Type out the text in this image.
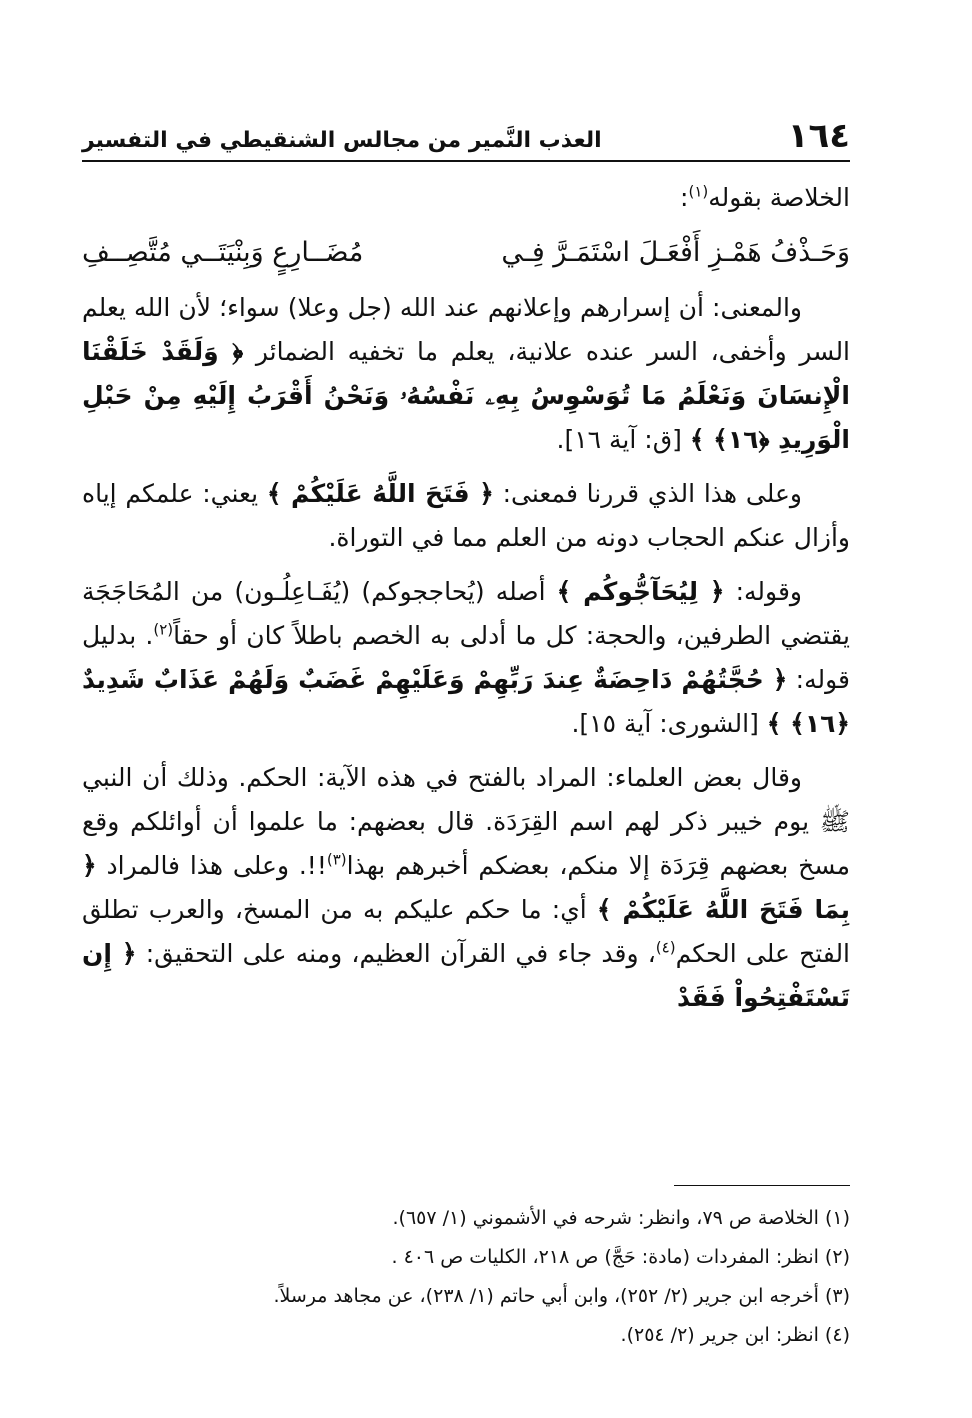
١٦٤
العذب النَّمير من مجالس الشنقيطي في التفسير

الخلاصة بقوله$^{(١)}$:

وَحَـذْفُ هَمْـزِ أَفْعَـلَ اسْتَمَـرَّ فِـي
مُضَــارِعٍ وَبِنْيَتَــي مُتَّصِــفِ

والمعنى: أن إسرارهم وإعلانهم عند الله (جل وعلا) سواء؛ لأن الله يعلم السر وأخفى، السر عنده علانية، يعلم ما تخفيه الضمائر ﴿ وَلَقَدْ خَلَقْنَا الْإِنسَانَ وَنَعْلَمُ مَا تُوَسْوِسُ بِهِۦ نَفْسُهُۥ وَنَحْنُ أَقْرَبُ إِلَيْهِ مِنْ حَبْلِ الْوَرِيدِ ﴿١٦﴾ ﴾ [ق: آية ١٦].

وعلى هذا الذي قررنا فمعنى: ﴿ فَتَحَ اللَّهُ عَلَيْكُمْ ﴾ يعني: علمكم إياه وأزال عنكم الحجاب دونه من العلم مما في التوراة.

وقوله: ﴿ لِيُحَآجُّوكُم ﴾ أصله (يُحاججوكم) (يُفَـاعِلُـون) من المُحَاجَجَة يقتضي الطرفين، والحجة: كل ما أدلى به الخصم باطلاً كان أو حقاً$^{(٢)}$. بدليل قوله: ﴿ حُجَّتُهُمْ دَاحِضَةٌ عِندَ رَبِّهِمْ وَعَلَيْهِمْ غَضَبٌ وَلَهُمْ عَذَابٌ شَدِيدٌ ﴿١٦﴾ ﴾ [الشورى: آية ١٥].

وقال بعض العلماء: المراد بالفتح في هذه الآية: الحكم. وذلك أن النبي ﷺ يوم خيبر ذكر لهم اسم القِرَدَة. قال بعضهم: ما علموا أن أوائلكم وقع مسخ بعضهم قِرَدَة إلا منكم، بعضكم أخبرهم بهذا$^{(٣)}$!!. وعلى هذا فالمراد ﴿ بِمَا فَتَحَ اللَّهُ عَلَيْكُمْ ﴾ أي: ما حكم عليكم به من المسخ، والعرب تطلق الفتح على الحكم$^{(٤)}$، وقد جاء في القرآن العظيم، ومنه على التحقيق: ﴿ إِن تَسْتَفْتِحُواْ فَقَدْ

(١) الخلاصة ص ٧٩، وانظر: شرحه في الأشموني (١/ ٦٥٧).

(٢) انظر: المفردات (مادة: حَجَّ) ص ٢١٨، الكليات ص ٤٠٦ .

(٣) أخرجه ابن جرير (٢/ ٢٥٢)، وابن أبي حاتم (١/ ٢٣٨)، عن مجاهد مرسلاً.

(٤) انظر: ابن جرير (٢/ ٢٥٤).
